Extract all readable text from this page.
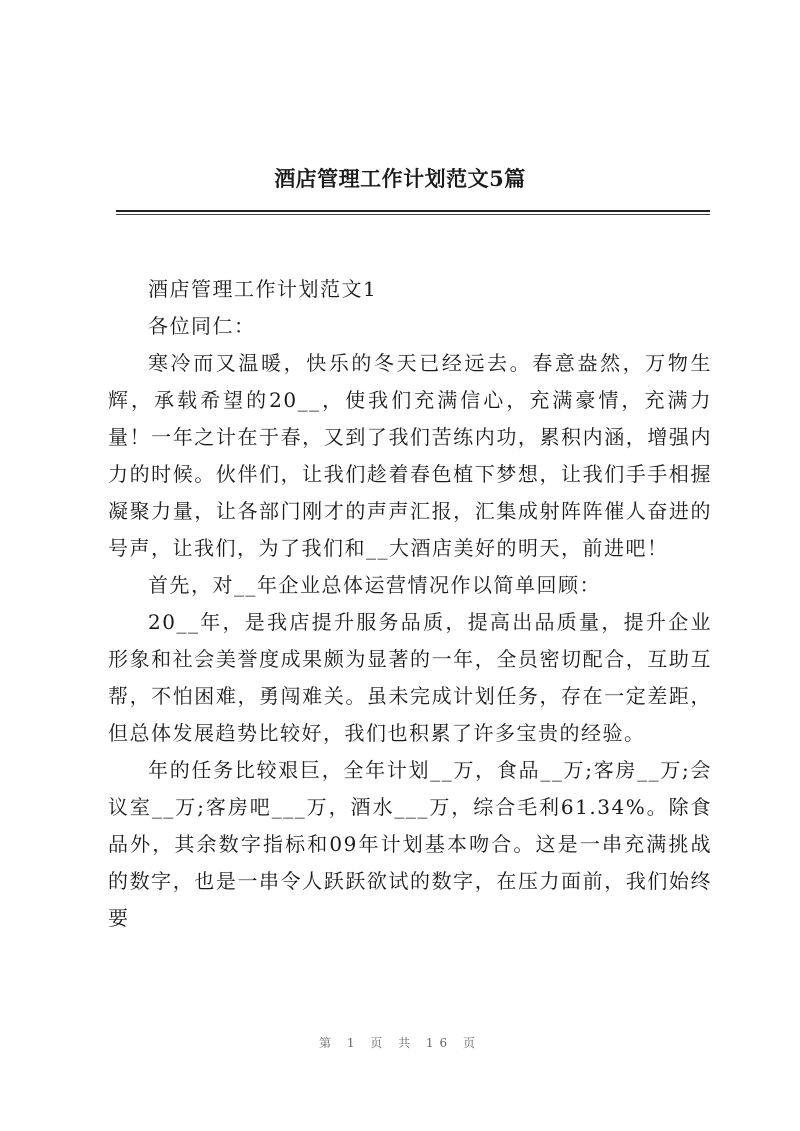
酒店管理工作计划范文5篇

酒店管理工作计划范文1

各位同仁：

寒冷而又温暖，快乐的冬天已经远去。春意盎然，万物生辉，承载希望的20__，使我们充满信心，充满豪情，充满力量！一年之计在于春，又到了我们苦练内功，累积内涵，增强内力的时候。伙伴们，让我们趁着春色植下梦想，让我们手手相握凝聚力量，让各部门刚才的声声汇报，汇集成射阵阵催人奋进的号声，让我们，为了我们和__大酒店美好的明天，前进吧！

首先，对__年企业总体运营情况作以简单回顾：

20__年，是我店提升服务品质，提高出品质量，提升企业形象和社会美誉度成果颇为显著的一年，全员密切配合，互助互帮，不怕困难，勇闯难关。虽未完成计划任务，存在一定差距，但总体发展趋势比较好，我们也积累了许多宝贵的经验。

年的任务比较艰巨，全年计划__万，食品__万;客房__万;会议室__万;客房吧___万，酒水___万，综合毛利61.34%。除食品外，其余数字指标和09年计划基本吻合。这是一串充满挑战的数字，也是一串令人跃跃欲试的数字，在压力面前，我们始终要

第 1 页 共 16 页
